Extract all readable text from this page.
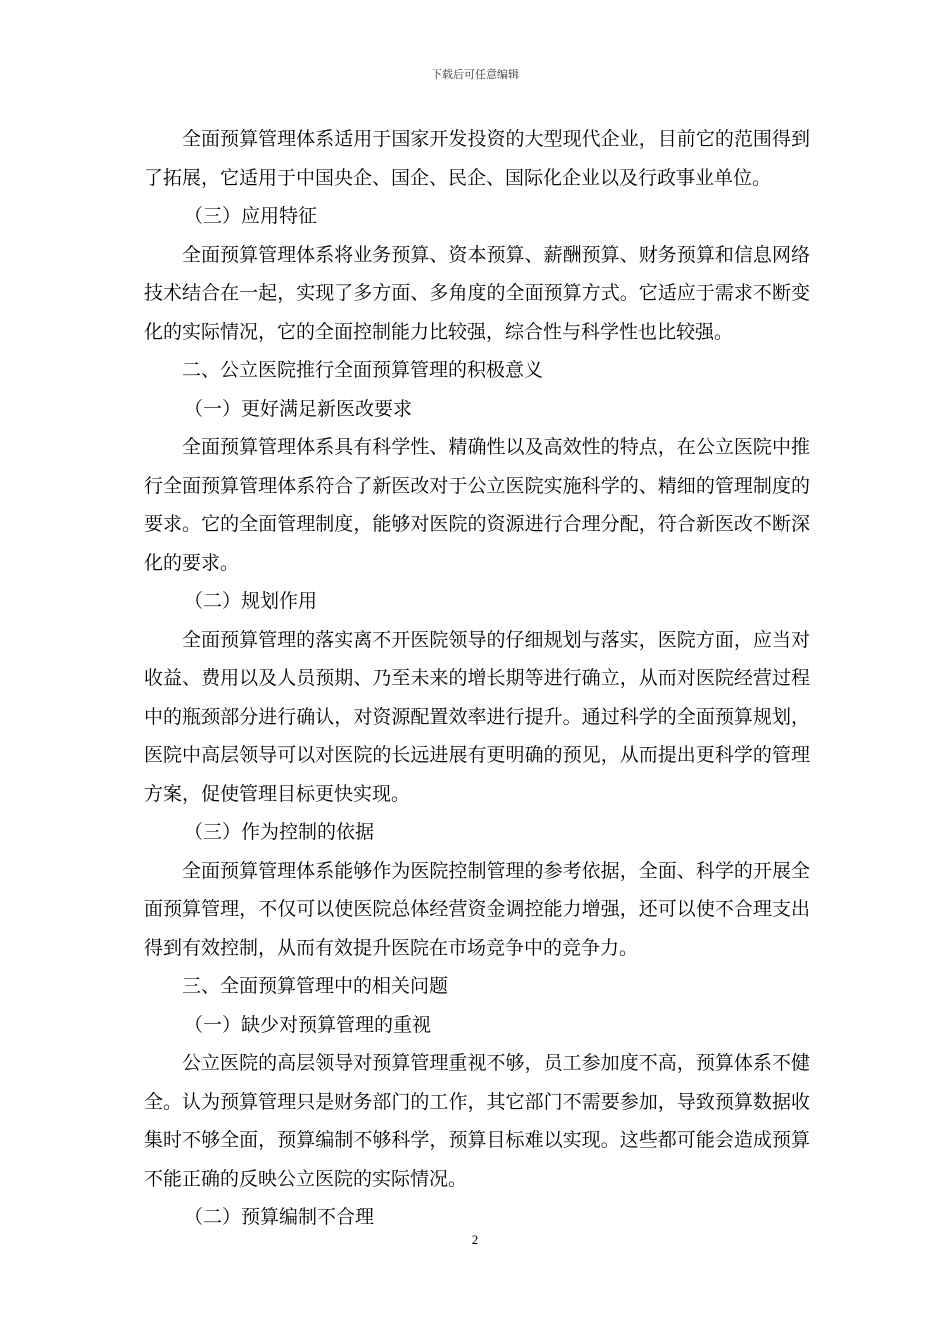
下载后可任意编辑

全面预算管理体系适用于国家开发投资的大型现代企业，目前它的范围得到了拓展，它适用于中国央企、国企、民企、国际化企业以及行政事业单位。

（三）应用特征

全面预算管理体系将业务预算、资本预算、薪酬预算、财务预算和信息网络技术结合在一起，实现了多方面、多角度的全面预算方式。它适应于需求不断变化的实际情况，它的全面控制能力比较强，综合性与科学性也比较强。

二、公立医院推行全面预算管理的积极意义

（一）更好满足新医改要求

全面预算管理体系具有科学性、精确性以及高效性的特点，在公立医院中推行全面预算管理体系符合了新医改对于公立医院实施科学的、精细的管理制度的要求。它的全面管理制度，能够对医院的资源进行合理分配，符合新医改不断深化的要求。

（二）规划作用

全面预算管理的落实离不开医院领导的仔细规划与落实，医院方面，应当对收益、费用以及人员预期、乃至未来的增长期等进行确立，从而对医院经营过程中的瓶颈部分进行确认，对资源配置效率进行提升。通过科学的全面预算规划，医院中高层领导可以对医院的长远进展有更明确的预见，从而提出更科学的管理方案，促使管理目标更快实现。

（三）作为控制的依据

全面预算管理体系能够作为医院控制管理的参考依据，全面、科学的开展全面预算管理，不仅可以使医院总体经营资金调控能力增强，还可以使不合理支出得到有效控制，从而有效提升医院在市场竞争中的竞争力。

三、全面预算管理中的相关问题

（一）缺少对预算管理的重视

公立医院的高层领导对预算管理重视不够，员工参加度不高，预算体系不健全。认为预算管理只是财务部门的工作，其它部门不需要参加，导致预算数据收集时不够全面，预算编制不够科学，预算目标难以实现。这些都可能会造成预算不能正确的反映公立医院的实际情况。

（二）预算编制不合理

2
